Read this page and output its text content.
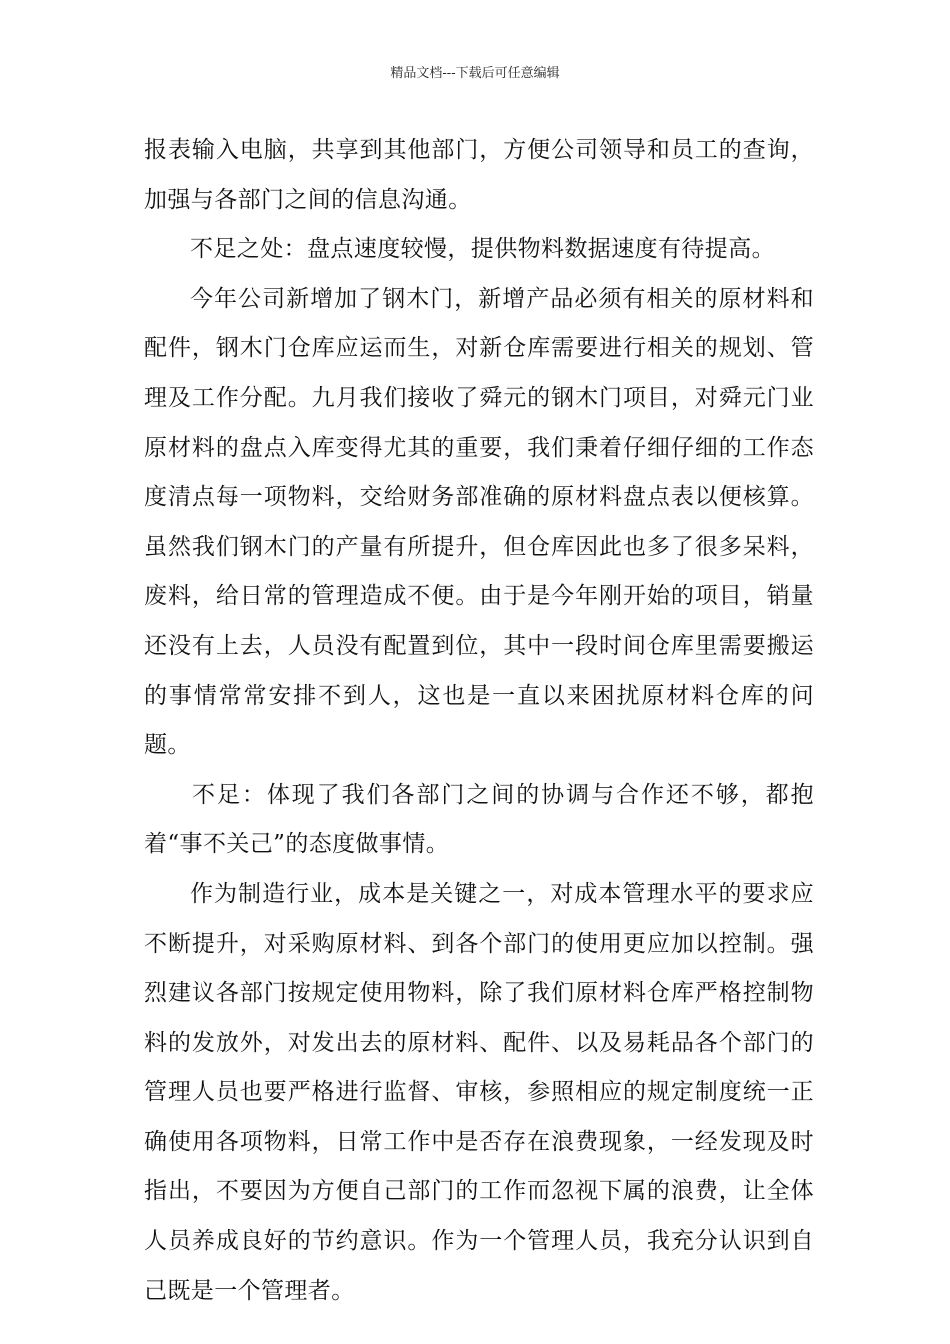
精品文档---下载后可任意编辑

报表输入电脑，共享到其他部门，方便公司领导和员工的查询，加强与各部门之间的信息沟通。

不足之处：盘点速度较慢，提供物料数据速度有待提高。

今年公司新增加了钢木门，新增产品必须有相关的原材料和配件，钢木门仓库应运而生，对新仓库需要进行相关的规划、管理及工作分配。九月我们接收了舜元的钢木门项目，对舜元门业原材料的盘点入库变得尤其的重要，我们秉着仔细仔细的工作态度清点每一项物料，交给财务部准确的原材料盘点表以便核算。虽然我们钢木门的产量有所提升，但仓库因此也多了很多呆料，废料，给日常的管理造成不便。由于是今年刚开始的项目，销量还没有上去，人员没有配置到位，其中一段时间仓库里需要搬运的事情常常安排不到人，这也是一直以来困扰原材料仓库的问题。

不足：体现了我们各部门之间的协调与合作还不够，都抱着“事不关己”的态度做事情。

作为制造行业，成本是关键之一，对成本管理水平的要求应不断提升，对采购原材料、到各个部门的使用更应加以控制。强烈建议各部门按规定使用物料，除了我们原材料仓库严格控制物料的发放外，对发出去的原材料、配件、以及易耗品各个部门的管理人员也要严格进行监督、审核，参照相应的规定制度统一正确使用各项物料，日常工作中是否存在浪费现象，一经发现及时指出，不要因为方便自己部门的工作而忽视下属的浪费，让全体人员养成良好的节约意识。作为一个管理人员，我充分认识到自己既是一个管理者。
